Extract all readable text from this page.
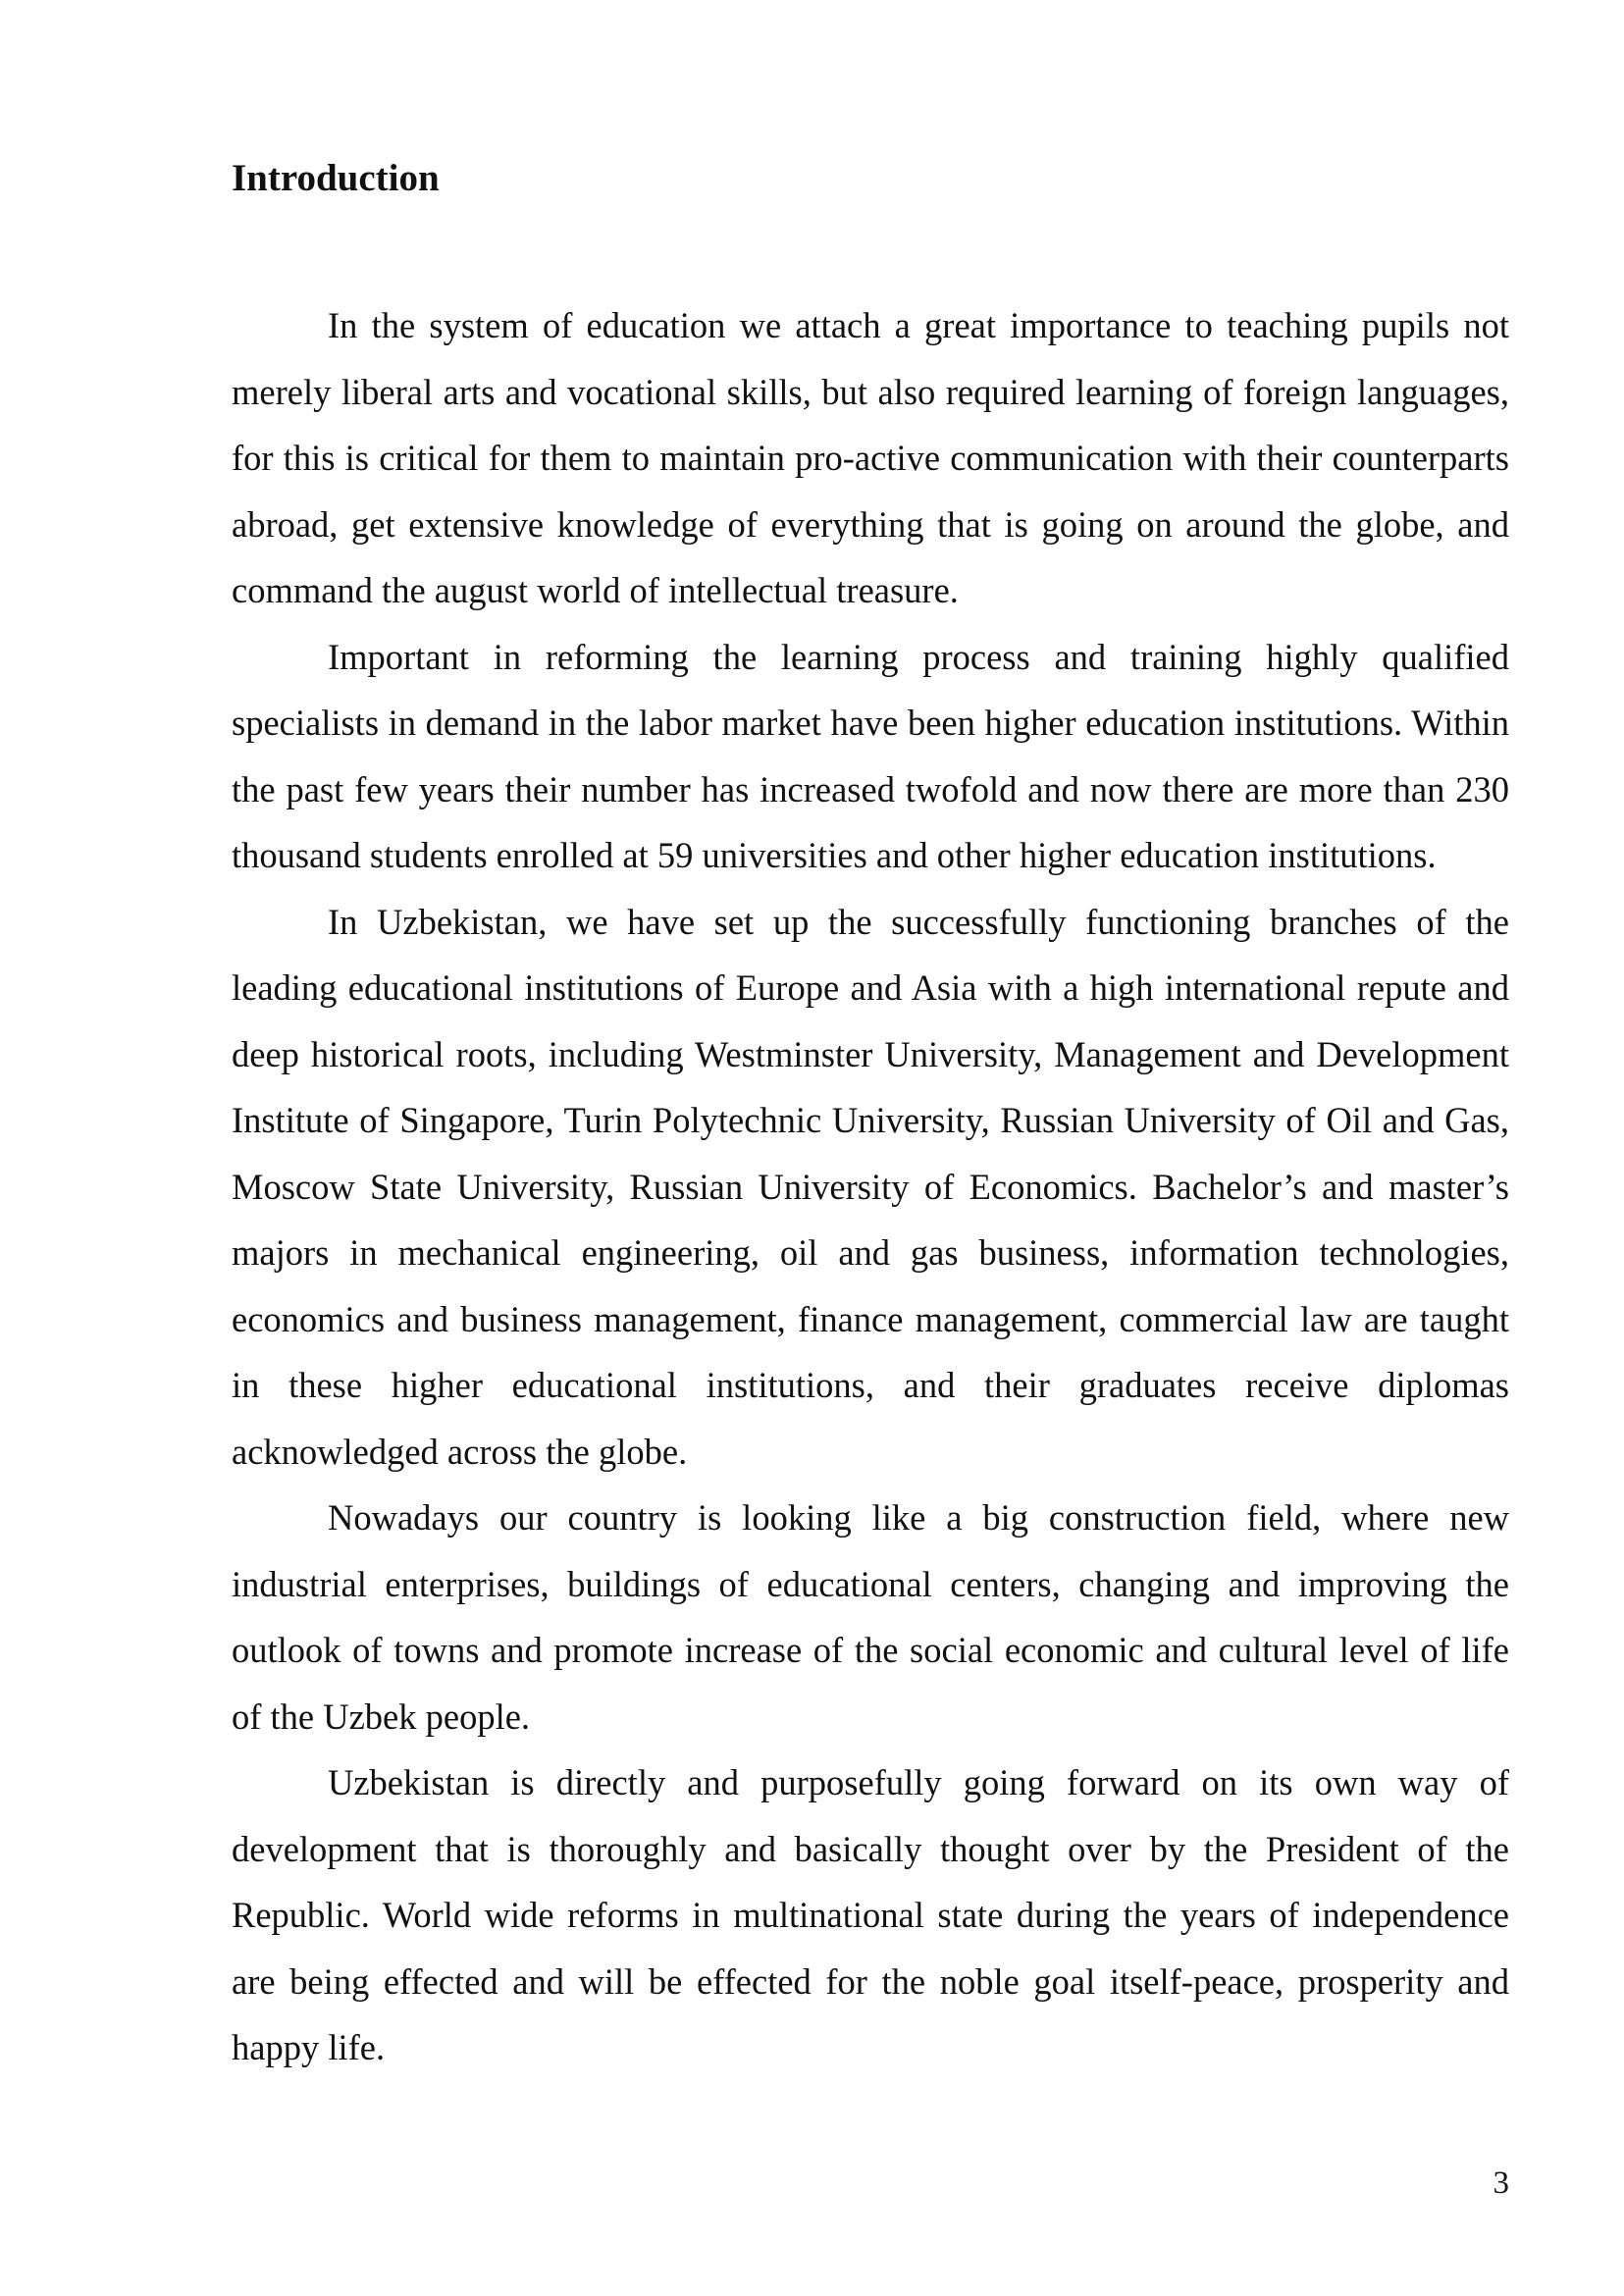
Introduction

In the system of education we attach a great importance to teaching pupils not merely liberal arts and vocational skills, but also required learning of foreign languages, for this is critical for them to maintain pro-active communication with their counterparts abroad, get extensive knowledge of everything that is going on around the globe, and command the august world of intellectual treasure.

Important in reforming the learning process and training highly qualified specialists in demand in the labor market have been higher education institutions. Within the past few years their number has increased twofold and now there are more than 230 thousand students enrolled at 59 universities and other higher education institutions.

In Uzbekistan, we have set up the successfully functioning branches of the leading educational institutions of Europe and Asia with a high international repute and deep historical roots, including Westminster University, Management and Development Institute of Singapore, Turin Polytechnic University, Russian University of Oil and Gas, Moscow State University, Russian University of Economics. Bachelor’s and master’s majors in mechanical engineering, oil and gas business, information technologies, economics and business management, finance management, commercial law are taught in these higher educational institutions, and their graduates receive diplomas acknowledged across the globe.

Nowadays our country is looking like a big construction field, where new industrial enterprises, buildings of educational centers, changing and improving the outlook of towns and promote increase of the social economic and cultural level of life of the Uzbek people.

Uzbekistan is directly and purposefully going forward on its own way of development that is thoroughly and basically thought over by the President of the Republic. World wide reforms in multinational state during the years of independence are being effected and will be effected for the noble goal itself-peace, prosperity and happy life.

3
